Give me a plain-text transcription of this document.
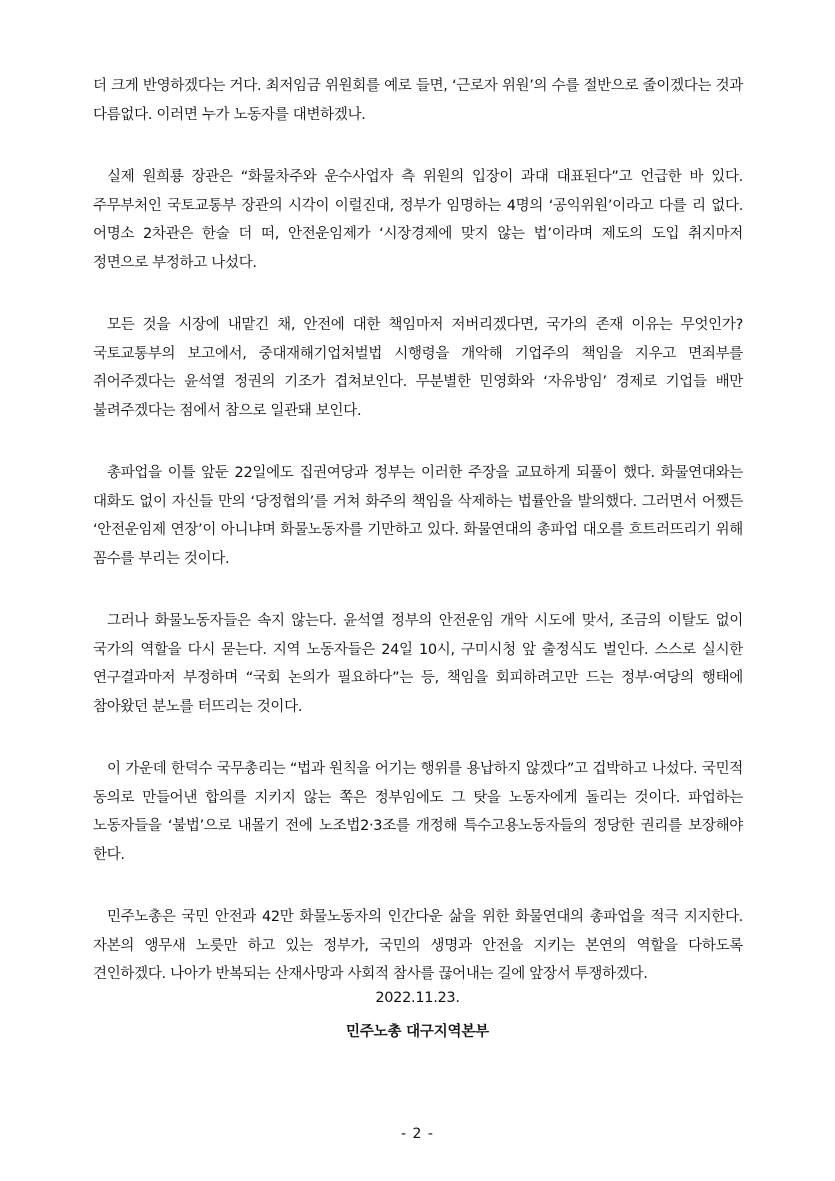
더 크게 반영하겠다는 거다. 최저임금 위원회를 예로 들면, ‘근로자 위원’의 수를 절반으로 줄이겠다는 것과 다름없다. 이러면 누가 노동자를 대변하겠나.

실제 원희룡 장관은 “화물차주와 운수사업자 측 위원의 입장이 과대 대표된다”고 언급한 바 있다. 주무부처인 국토교통부 장관의 시각이 이럴진대, 정부가 임명하는 4명의 ‘공익위원’이라고 다를 리 없다. 어명소 2차관은 한술 더 떠, 안전운임제가 ‘시장경제에 맞지 않는 법’이라며 제도의 도입 취지마저 정면으로 부정하고 나섰다.

모든 것을 시장에 내맡긴 채, 안전에 대한 책임마저 저버리겠다면, 국가의 존재 이유는 무엇인가? 국토교통부의 보고에서, 중대재해기업처벌법 시행령을 개악해 기업주의 책임을 지우고 면죄부를 쥐어주겠다는 윤석열 정권의 기조가 겹쳐보인다. 무분별한 민영화와 ‘자유방임’ 경제로 기업들 배만 불려주겠다는 점에서 참으로 일관돼 보인다.

총파업을 이틀 앞둔 22일에도 집권여당과 정부는 이러한 주장을 교묘하게 되풀이 했다. 화물연대와는 대화도 없이 자신들 만의 ‘당정협의’를 거쳐 화주의 책임을 삭제하는 법률안을 발의했다. 그러면서 어쨌든 ‘안전운임제 연장’이 아니냐며 화물노동자를 기만하고 있다. 화물연대의 총파업 대오를 흐트러뜨리기 위해 꼼수를 부리는 것이다.

그러나 화물노동자들은 속지 않는다. 윤석열 정부의 안전운임 개악 시도에 맞서, 조금의 이탈도 없이 국가의 역할을 다시 묻는다. 지역 노동자들은 24일 10시, 구미시청 앞 출정식도 벌인다. 스스로 실시한 연구결과마저 부정하며 “국회 논의가 필요하다”는 등, 책임을 회피하려고만 드는 정부‧여당의 행태에 참아왔던 분노를 터뜨리는 것이다.

이 가운데 한덕수 국무총리는 “법과 원칙을 어기는 행위를 용납하지 않겠다”고 겁박하고 나섰다. 국민적 동의로 만들어낸 합의를 지키지 않는 쪽은 정부임에도 그 탓을 노동자에게 돌리는 것이다. 파업하는 노동자들을 ‘불법’으로 내몰기 전에 노조법2‧3조를 개정해 특수고용노동자들의 정당한 권리를 보장해야 한다.

민주노총은 국민 안전과 42만 화물노동자의 인간다운 삶을 위한 화물연대의 총파업을 적극 지지한다. 자본의 앵무새 노릇만 하고 있는 정부가, 국민의 생명과 안전을 지키는 본연의 역할을 다하도록 견인하겠다. 나아가 반복되는 산재사망과 사회적 참사를 끊어내는 길에 앞장서 투쟁하겠다.

2022.11.23.
민주노총 대구지역본부
- 2 -
